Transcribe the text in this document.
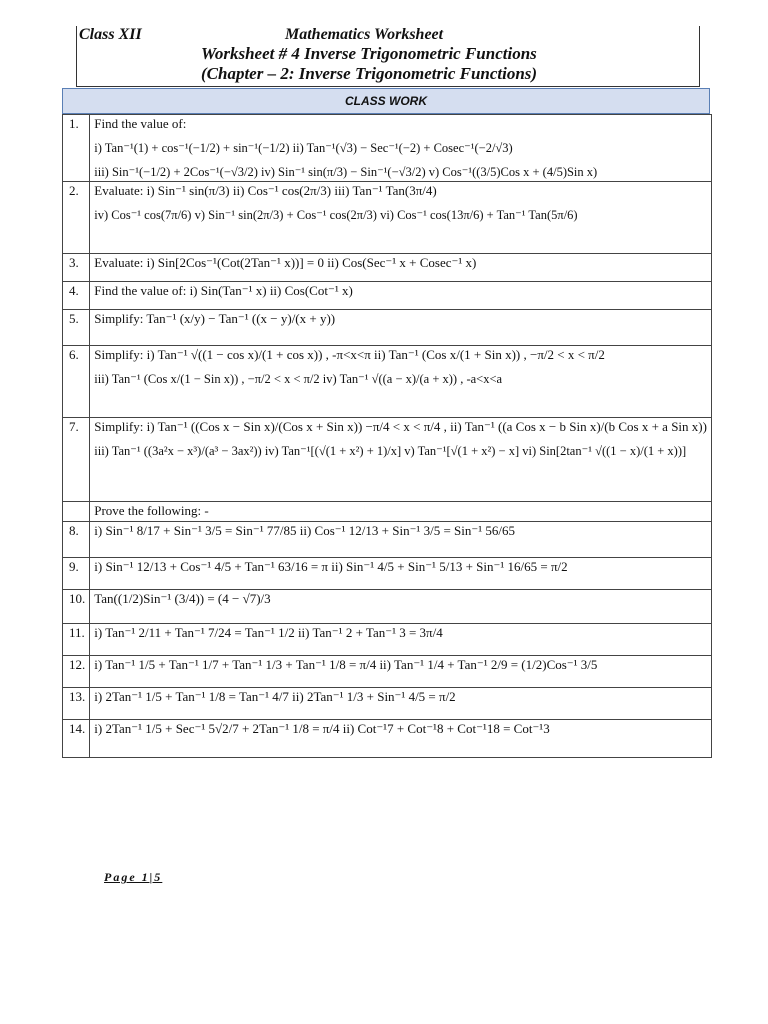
Class XII	Mathematics Worksheet
Worksheet # 4 Inverse Trigonometric Functions
(Chapter – 2: Inverse Trigonometric Functions)
CLASS WORK
1.	Find the value of:
i) Tan⁻¹(1) + cos⁻¹(−1/2) + sin⁻¹(−1/2) ii) Tan⁻¹(√3) − Sec⁻¹(−2) + Cosec⁻¹(−2/√3)
iii) Sin⁻¹(−1/2) + 2Cos⁻¹(−√3/2) iv) Sin⁻¹ sin(π/3) − Sin⁻¹(−√3/2) v) Cos⁻¹((3/5)Cos x + (4/5)Sin x)

2.	Evaluate: i) Sin⁻¹ sin(π/3) ii) Cos⁻¹ cos(2π/3) iii) Tan⁻¹ Tan(3π/4)
iv) Cos⁻¹ cos(7π/6) v) Sin⁻¹ sin(2π/3) + Cos⁻¹ cos(2π/3) vi) Cos⁻¹ cos(13π/6) + Tan⁻¹ Tan(5π/6)

3.	Evaluate: i) Sin[2Cos⁻¹(Cot(2Tan⁻¹ x))] = 0 ii) Cos(Sec⁻¹ x + Cosec⁻¹ x)

4.	Find the value of: i) Sin(Tan⁻¹ x) ii) Cos(Cot⁻¹ x)

5.	Simplify: Tan⁻¹ (x/y) − Tan⁻¹ ((x − y)/(x + y))

6.	Simplify: i) Tan⁻¹ √((1 − cos x)/(1 + cos x)) , -π<x<π ii) Tan⁻¹ (Cos x/(1 + Sin x)) , −π/2 < x < π/2
iii) Tan⁻¹ (Cos x/(1 − Sin x)) , −π/2 < x < π/2 iv) Tan⁻¹ √((a − x)/(a + x)) , -a<x<a

7.	Simplify: i) Tan⁻¹ ((Cos x − Sin x)/(Cos x + Sin x)) −π/4 < x < π/4 , ii) Tan⁻¹ ((a Cos x − b Sin x)/(b Cos x + a Sin x))
iii) Tan⁻¹ ((3a²x − x³)/(a³ − 3ax²)) iv) Tan⁻¹[(√(1 + x²) + 1)/x] v) Tan⁻¹[√(1 + x²) − x] vi) Sin[2tan⁻¹ √((1 − x)/(1 + x))]

	Prove the following: -

8.	i) Sin⁻¹ 8/17 + Sin⁻¹ 3/5 = Sin⁻¹ 77/85 ii) Cos⁻¹ 12/13 + Sin⁻¹ 3/5 = Sin⁻¹ 56/65

9.	i) Sin⁻¹ 12/13 + Cos⁻¹ 4/5 + Tan⁻¹ 63/16 = π ii) Sin⁻¹ 4/5 + Sin⁻¹ 5/13 + Sin⁻¹ 16/65 = π/2

10.	Tan((1/2)Sin⁻¹ (3/4)) = (4 − √7)/3

11.	i) Tan⁻¹ 2/11 + Tan⁻¹ 7/24 = Tan⁻¹ 1/2 ii) Tan⁻¹ 2 + Tan⁻¹ 3 = 3π/4

12.	i) Tan⁻¹ 1/5 + Tan⁻¹ 1/7 + Tan⁻¹ 1/3 + Tan⁻¹ 1/8 = π/4 ii) Tan⁻¹ 1/4 + Tan⁻¹ 2/9 = (1/2)Cos⁻¹ 3/5

13.	i) 2Tan⁻¹ 1/5 + Tan⁻¹ 1/8 = Tan⁻¹ 4/7 ii) 2Tan⁻¹ 1/3 + Sin⁻¹ 4/5 = π/2

14.	i) 2Tan⁻¹ 1/5 + Sec⁻¹ 5√2/7 + 2Tan⁻¹ 1/8 = π/4 ii) Cot⁻¹7 + Cot⁻¹8 + Cot⁻¹18 = Cot⁻¹3
Page 1|5
